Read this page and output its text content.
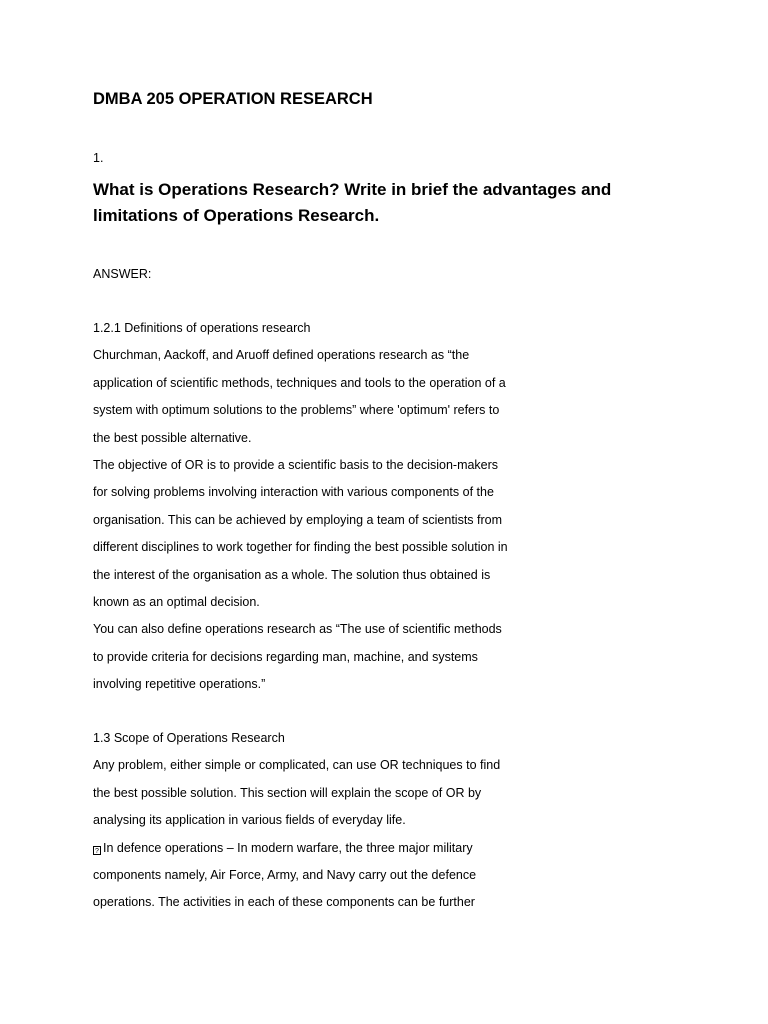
DMBA 205 OPERATION RESEARCH
1.
What is Operations Research? Write in brief the advantages and limitations of Operations Research.
ANSWER:
1.2.1 Definitions of operations research
Churchman, Aackoff, and Aruoff defined operations research as “the
application of scientific methods, techniques and tools to the operation of a
system with optimum solutions to the problems” where 'optimum' refers to
the best possible alternative.
The objective of OR is to provide a scientific basis to the decision-makers
for solving problems involving interaction with various components of the
organisation. This can be achieved by employing a team of scientists from
different disciplines to work together for finding the best possible solution in
the interest of the organisation as a whole. The solution thus obtained is
known as an optimal decision.
You can also define operations research as “The use of scientific methods
to provide criteria for decisions regarding man, machine, and systems
involving repetitive operations.”
1.3 Scope of Operations Research
Any problem, either simple or complicated, can use OR techniques to find
the best possible solution. This section will explain the scope of OR by
analysing its application in various fields of everyday life.
? In defence operations – In modern warfare, the three major military
components namely, Air Force, Army, and Navy carry out the defence
operations. The activities in each of these components can be further
